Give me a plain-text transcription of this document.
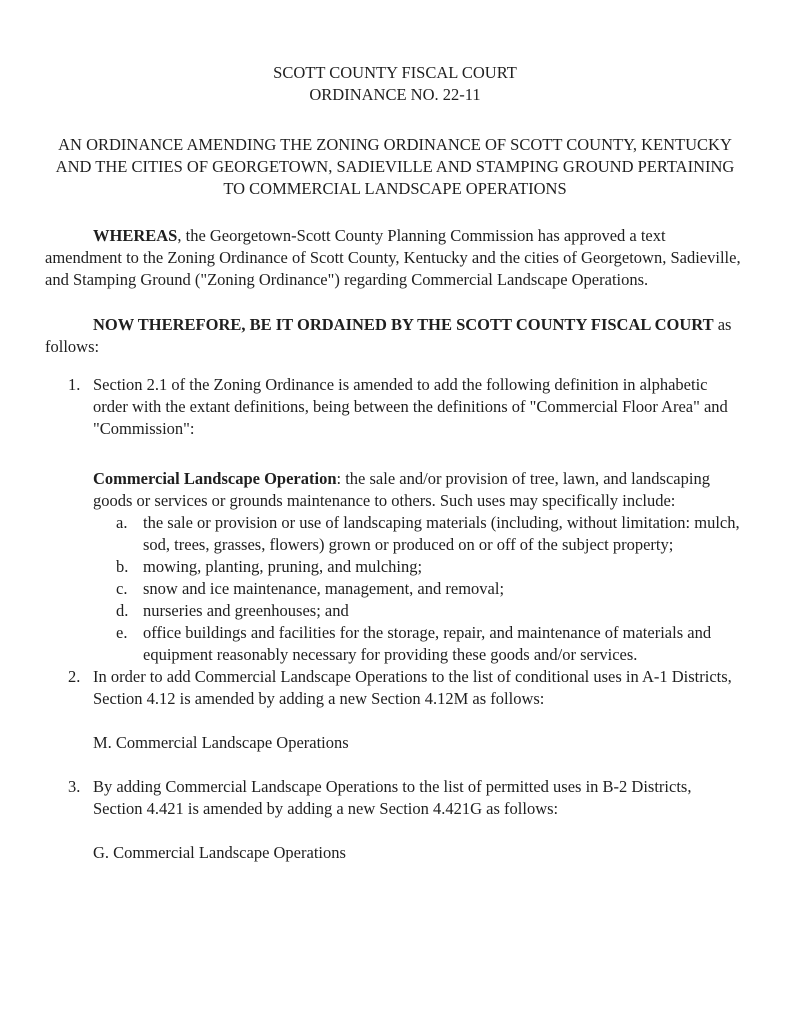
SCOTT COUNTY FISCAL COURT
ORDINANCE NO. 22-11
AN ORDINANCE AMENDING THE ZONING ORDINANCE OF SCOTT COUNTY, KENTUCKY
AND THE CITIES OF GEORGETOWN, SADIEVILLE AND STAMPING GROUND PERTAINING
TO COMMERCIAL LANDSCAPE OPERATIONS

WHEREAS, the Georgetown-Scott County Planning Commission has approved a text amendment to the Zoning Ordinance of Scott County, Kentucky and the cities of Georgetown, Sadieville, and Stamping Ground ("Zoning Ordinance") regarding Commercial Landscape Operations.

NOW THEREFORE, BE IT ORDAINED BY THE SCOTT COUNTY FISCAL COURT as follows:

1. Section 2.1 of the Zoning Ordinance is amended to add the following definition in alphabetic order with the extant definitions, being between the definitions of "Commercial Floor Area" and "Commission":

Commercial Landscape Operation: the sale and/or provision of tree, lawn, and landscaping goods or services or grounds maintenance to others. Such uses may specifically include:

a. the sale or provision or use of landscaping materials (including, without limitation: mulch, sod, trees, grasses, flowers) grown or produced on or off of the subject property;
b. mowing, planting, pruning, and mulching;
c. snow and ice maintenance, management, and removal;
d. nurseries and greenhouses; and
e. office buildings and facilities for the storage, repair, and maintenance of materials and equipment reasonably necessary for providing these goods and/or services.
2. In order to add Commercial Landscape Operations to the list of conditional uses in A-1 Districts, Section 4.12 is amended by adding a new Section 4.12M as follows:
M. Commercial Landscape Operations
3. By adding Commercial Landscape Operations to the list of permitted uses in B-2 Districts, Section 4.421 is amended by adding a new Section 4.421G as follows:
G. Commercial Landscape Operations
